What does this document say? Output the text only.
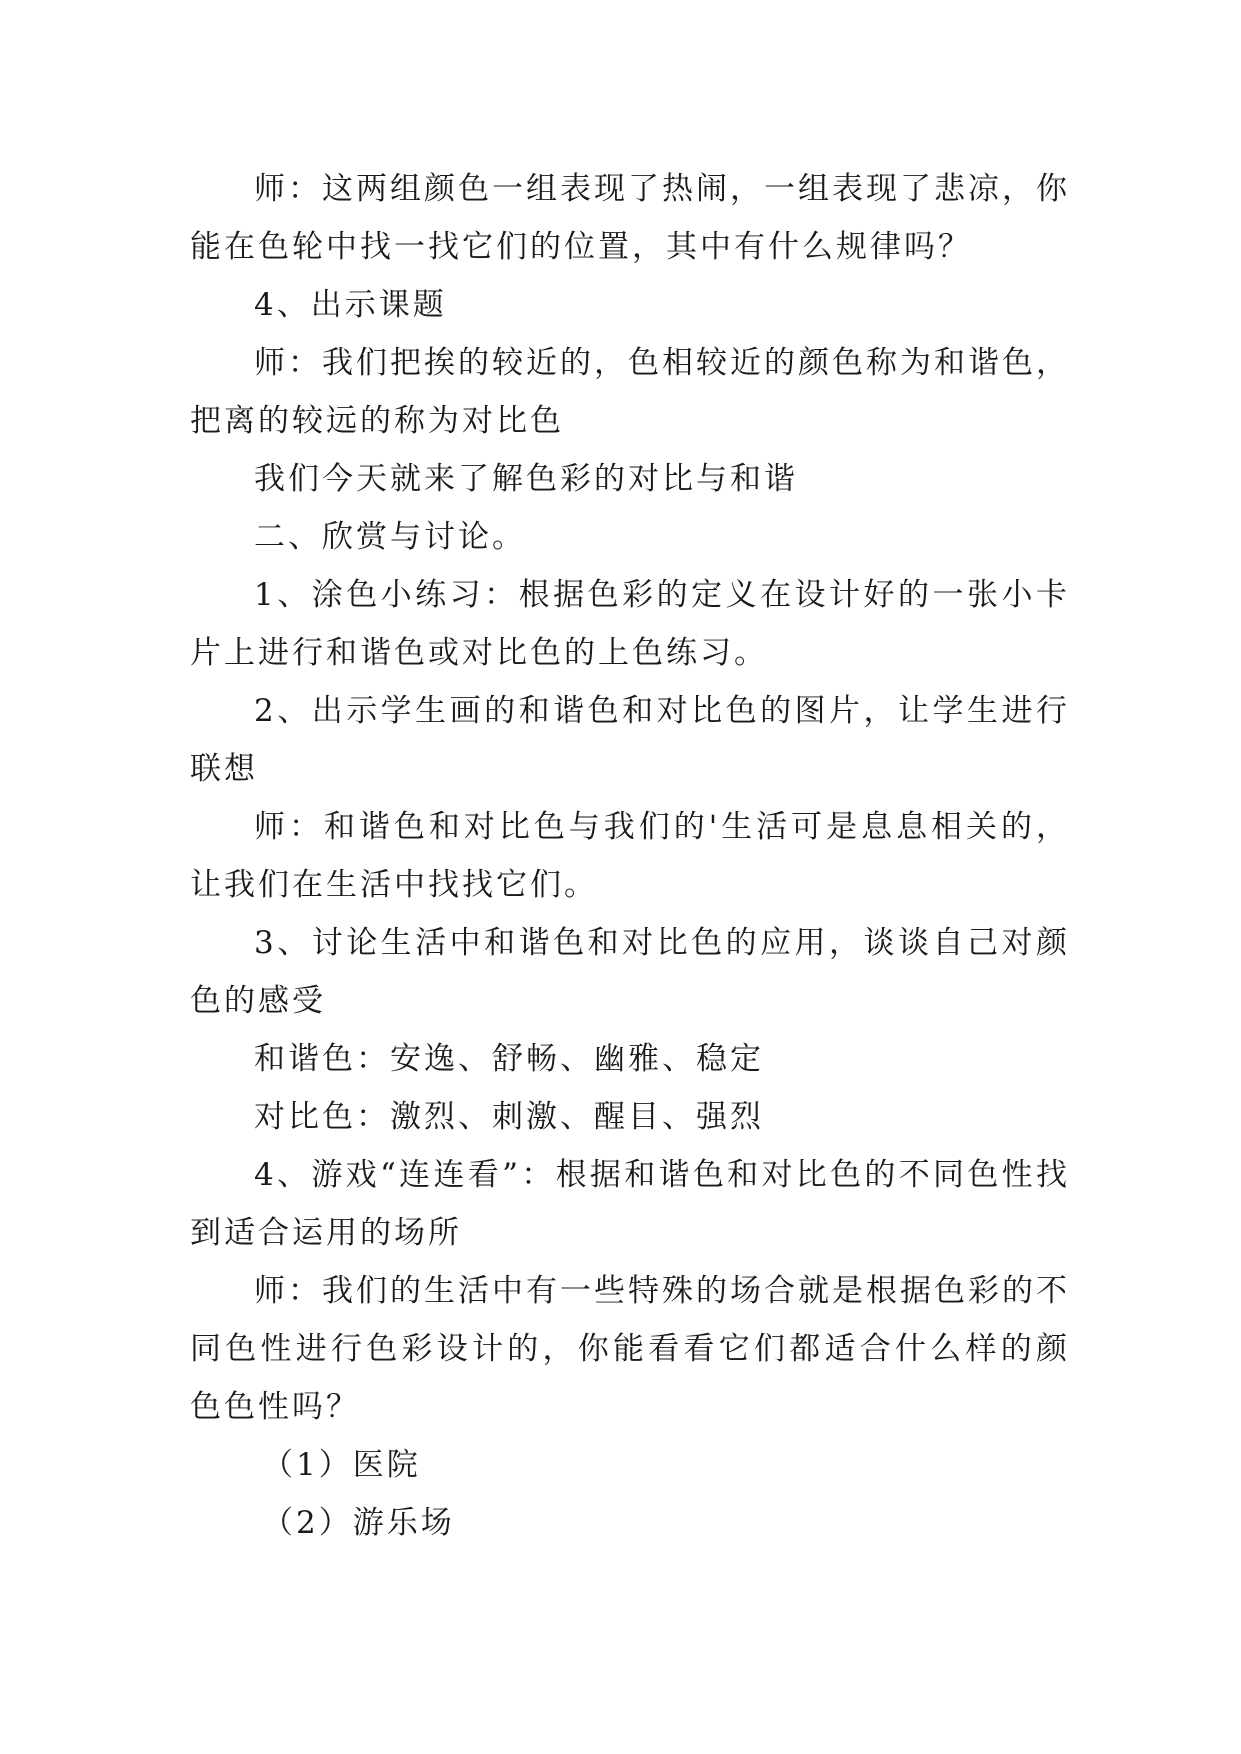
师：这两组颜色一组表现了热闹，一组表现了悲凉，你能在色轮中找一找它们的位置，其中有什么规律吗？

4、出示课题

师：我们把挨的较近的，色相较近的颜色称为和谐色，把离的较远的称为对比色

我们今天就来了解色彩的对比与和谐

二、欣赏与讨论。

1、涂色小练习：根据色彩的定义在设计好的一张小卡片上进行和谐色或对比色的上色练习。

2、出示学生画的和谐色和对比色的图片，让学生进行联想

师：和谐色和对比色与我们的'生活可是息息相关的，让我们在生活中找找它们。

3、讨论生活中和谐色和对比色的应用，谈谈自己对颜色的感受

和谐色：安逸、舒畅、幽雅、稳定

对比色：激烈、刺激、醒目、强烈

4、游戏“连连看”：根据和谐色和对比色的不同色性找到适合运用的场所

师：我们的生活中有一些特殊的场合就是根据色彩的不同色性进行色彩设计的，你能看看它们都适合什么样的颜色色性吗？

（1）医院

（2）游乐场
